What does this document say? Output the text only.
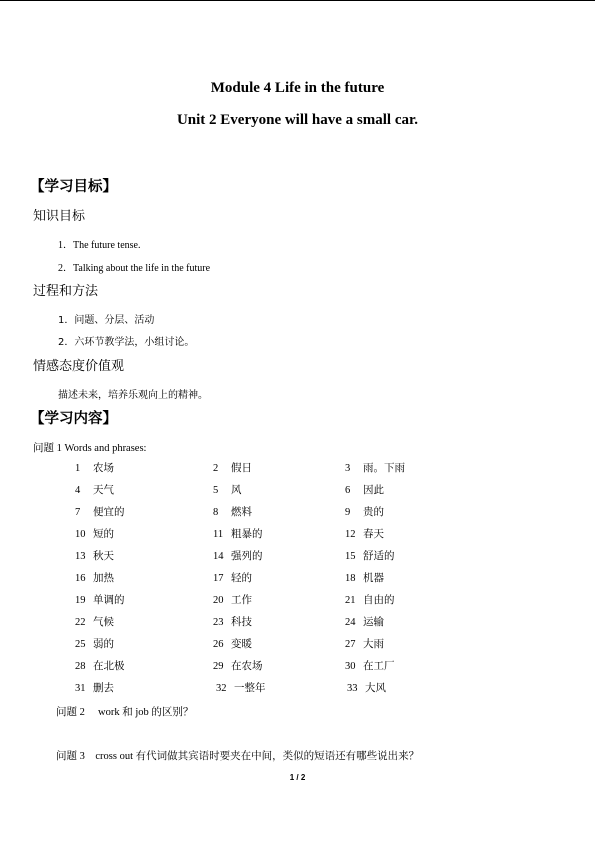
Module 4 Life in the future
Unit 2 Everyone will have a small car.
【学习目标】
知识目标
1．The future tense.
2．Talking about the life in the future
过程和方法
1．问题、分层、活动
2．六环节教学法，小组讨论。
情感态度价值观
描述未来，培养乐观向上的精神。
【学习内容】
问题 1 Words and phrases:
1 农场	2 假日	3 雨。下雨
4 天气	5 风	6 因此
7 便宜的	8 燃料	9 贵的
10 短的	11 粗暴的	12 春天
13 秋天	14 强列的	15 舒适的
16 加热	17 轻的	18 机器
19 单调的	20 工作	21 自由的
22 气候	23 科技	24 运输
25 弱的	26 变暖	27 大雨
28 在北极	29 在农场	30 在工厂
31 删去	32 一整年	33 大风
问题 2　 work 和 job 的区别？
问题 3　cross out 有代词做其宾语时要夹在中间，类似的短语还有哪些说出来？
1 / 2
